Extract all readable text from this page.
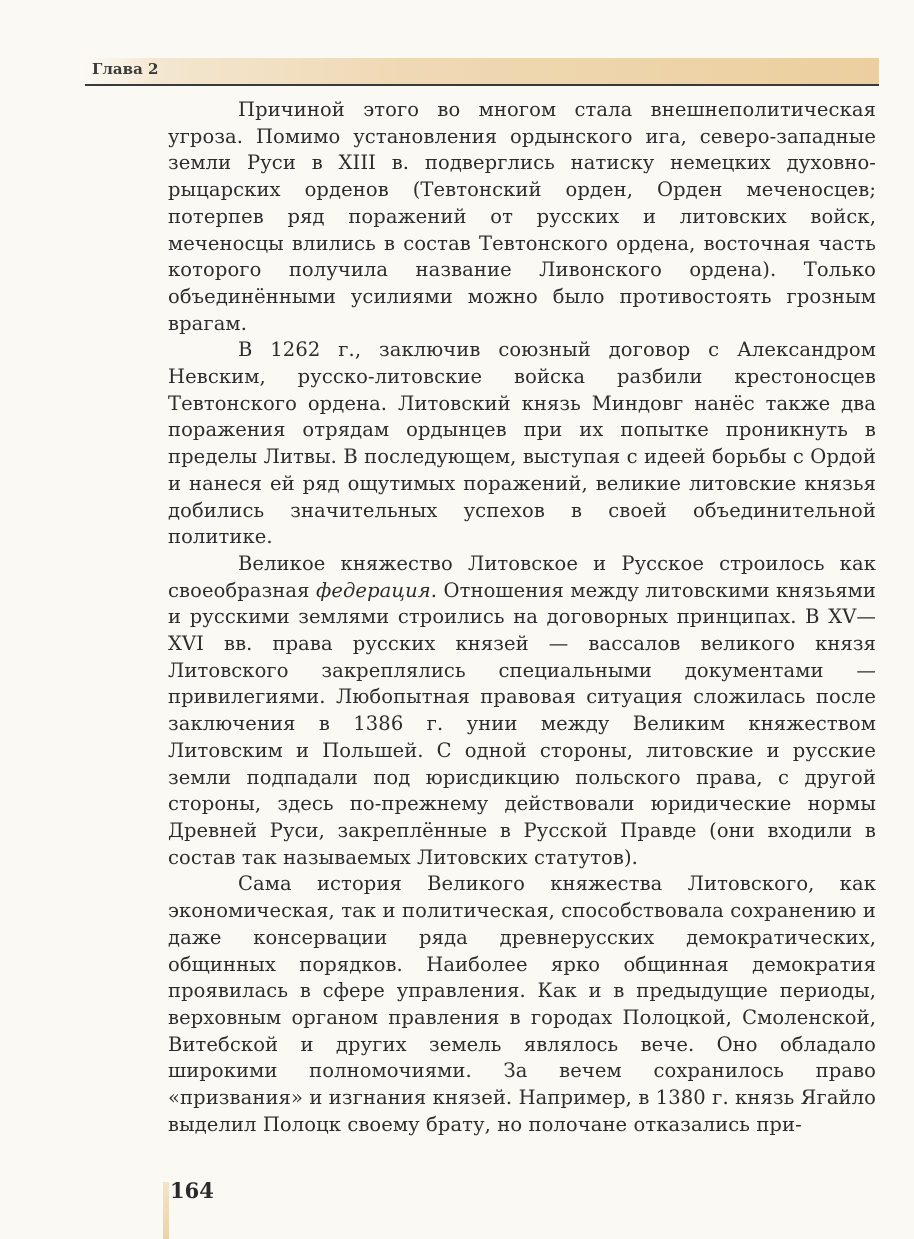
Глава 2

Причиной этого во многом стала внешнеполитическая угроза. Помимо установления ордынского ига, северо-западные земли Руси в XIII в. подверглись натиску немецких духовно-рыцарских орденов (Тевтонский орден, Орден меченосцев; потерпев ряд поражений от русских и литовских войск, меченосцы влились в состав Тевтонского ордена, восточная часть которого получила название Ливонского ордена). Только объединёнными усилиями можно было противостоять грозным врагам.

В 1262 г., заключив союзный договор с Александром Невским, русско-литовские войска разбили крестоносцев Тевтонского ордена. Литовский князь Миндовг нанёс также два поражения отрядам ордынцев при их попытке проникнуть в пределы Литвы. В последующем, выступая с идеей борьбы с Ордой и нанеся ей ряд ощутимых поражений, великие литовские князья добились значительных успехов в своей объединительной политике.

Великое княжество Литовское и Русское строилось как своеобразная федерация. Отношения между литовскими князьями и русскими землями строились на договорных принципах. В XV—XVI вв. права русских князей — вассалов великого князя Литовского закреплялись специальными документами — привилегиями. Любопытная правовая ситуация сложилась после заключения в 1386 г. унии между Великим княжеством Литовским и Польшей. С одной стороны, литовские и русские земли подпадали под юрисдикцию польского права, с другой стороны, здесь по-прежнему действовали юридические нормы Древней Руси, закреплённые в Русской Правде (они входили в состав так называемых Литовских статутов).

Сама история Великого княжества Литовского, как экономическая, так и политическая, способствовала сохранению и даже консервации ряда древнерусских демократических, общинных порядков. Наиболее ярко общинная демократия проявилась в сфере управления. Как и в предыдущие периоды, верховным органом правления в городах Полоцкой, Смоленской, Витебской и других земель являлось вече. Оно обладало широкими полномочиями. За вечем сохранилось право «призвания» и изгнания князей. Например, в 1380 г. князь Ягайло выделил Полоцк своему брату, но полочане отказались при-

164
